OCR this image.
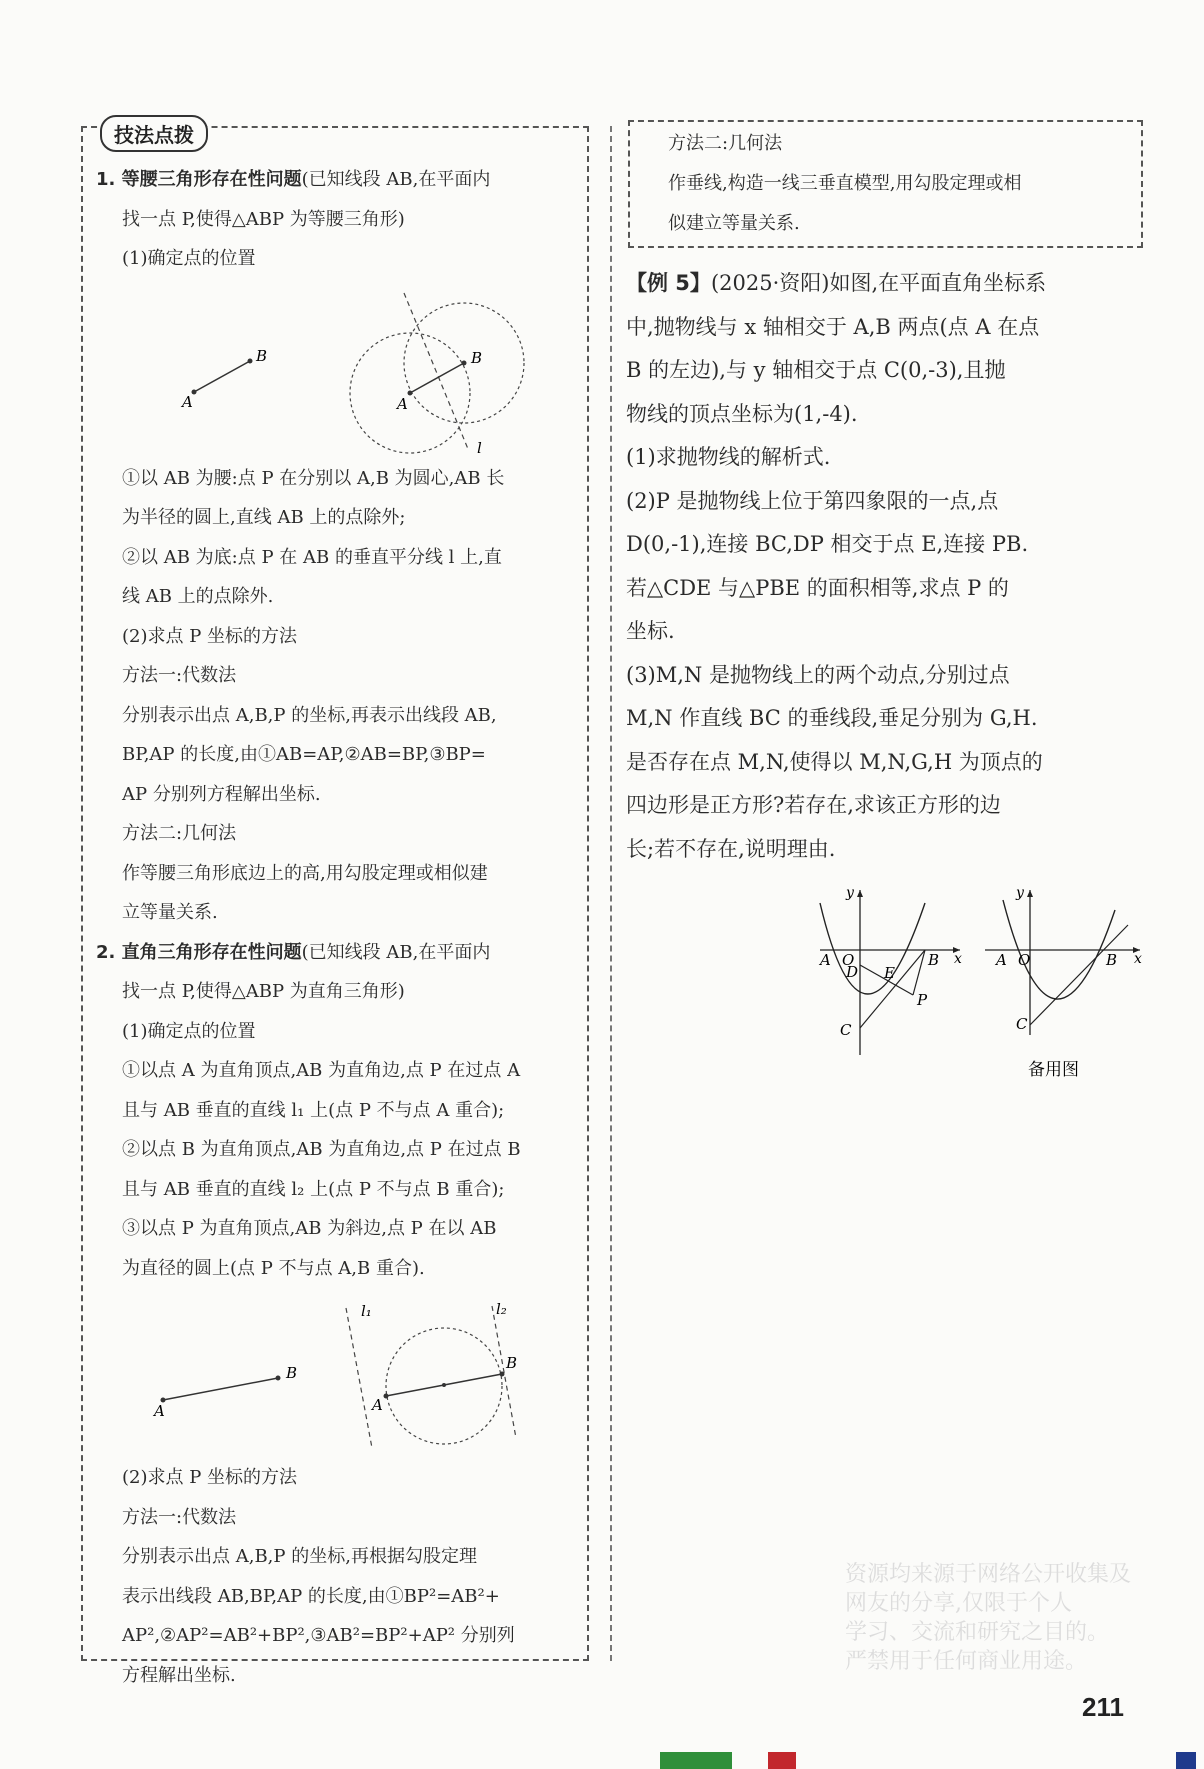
技法点拨

1. 等腰三角形存在性问题(已知线段 AB,在平面内

找一点 P,使得△ABP 为等腰三角形)

(1)确定点的位置

A
B
A
B
l

①以 AB 为腰:点 P 在分别以 A,B 为圆心,AB 长

为半径的圆上,直线 AB 上的点除外;

②以 AB 为底:点 P 在 AB 的垂直平分线 l 上,直

线 AB 上的点除外.

(2)求点 P 坐标的方法

方法一:代数法

分别表示出点 A,B,P 的坐标,再表示出线段 AB,

BP,AP 的长度,由①AB=AP,②AB=BP,③BP=

AP 分别列方程解出坐标.

方法二:几何法

作等腰三角形底边上的高,用勾股定理或相似建

立等量关系.

2. 直角三角形存在性问题(已知线段 AB,在平面内

找一点 P,使得△ABP 为直角三角形)

(1)确定点的位置

①以点 A 为直角顶点,AB 为直角边,点 P 在过点 A

且与 AB 垂直的直线 l₁ 上(点 P 不与点 A 重合);

②以点 B 为直角顶点,AB 为直角边,点 P 在过点 B

且与 AB 垂直的直线 l₂ 上(点 P 不与点 B 重合);

③以点 P 为直角顶点,AB 为斜边,点 P 在以 AB

为直径的圆上(点 P 不与点 A,B 重合).

A
B
A
B
l₁	l₂

(2)求点 P 坐标的方法

方法一:代数法

分别表示出点 A,B,P 的坐标,再根据勾股定理

表示出线段 AB,BP,AP 的长度,由①BP²=AB²+

AP²,②AP²=AB²+BP²,③AB²=BP²+AP² 分别列

方程解出坐标.

方法二:几何法

作垂线,构造一线三垂直模型,用勾股定理或相

似建立等量关系.

【例 5】(2025·资阳)如图,在平面直角坐标系

中,抛物线与 x 轴相交于 A,B 两点(点 A 在点

B 的左边),与 y 轴相交于点 C(0,-3),且抛

物线的顶点坐标为(1,-4).

(1)求抛物线的解析式.

(2)P 是抛物线上位于第四象限的一点,点

D(0,-1),连接 BC,DP 相交于点 E,连接 PB.

若△CDE 与△PBE 的面积相等,求点 P 的

坐标.

(3)M,N 是抛物线上的两个动点,分别过点

M,N 作直线 BC 的垂线段,垂足分别为 G,H.

是否存在点 M,N,使得以 M,N,G,H 为顶点的

四边形是正方形?若存在,求该正方形的边

长;若不存在,说明理由.

A O	B x
y
D E
P
C
A O	B x
y
C
备用图

资源均来源于网络公开收集及

网友的分享,仅限于个人

学习、交流和研究之目的。

严禁用于任何商业用途。

211
